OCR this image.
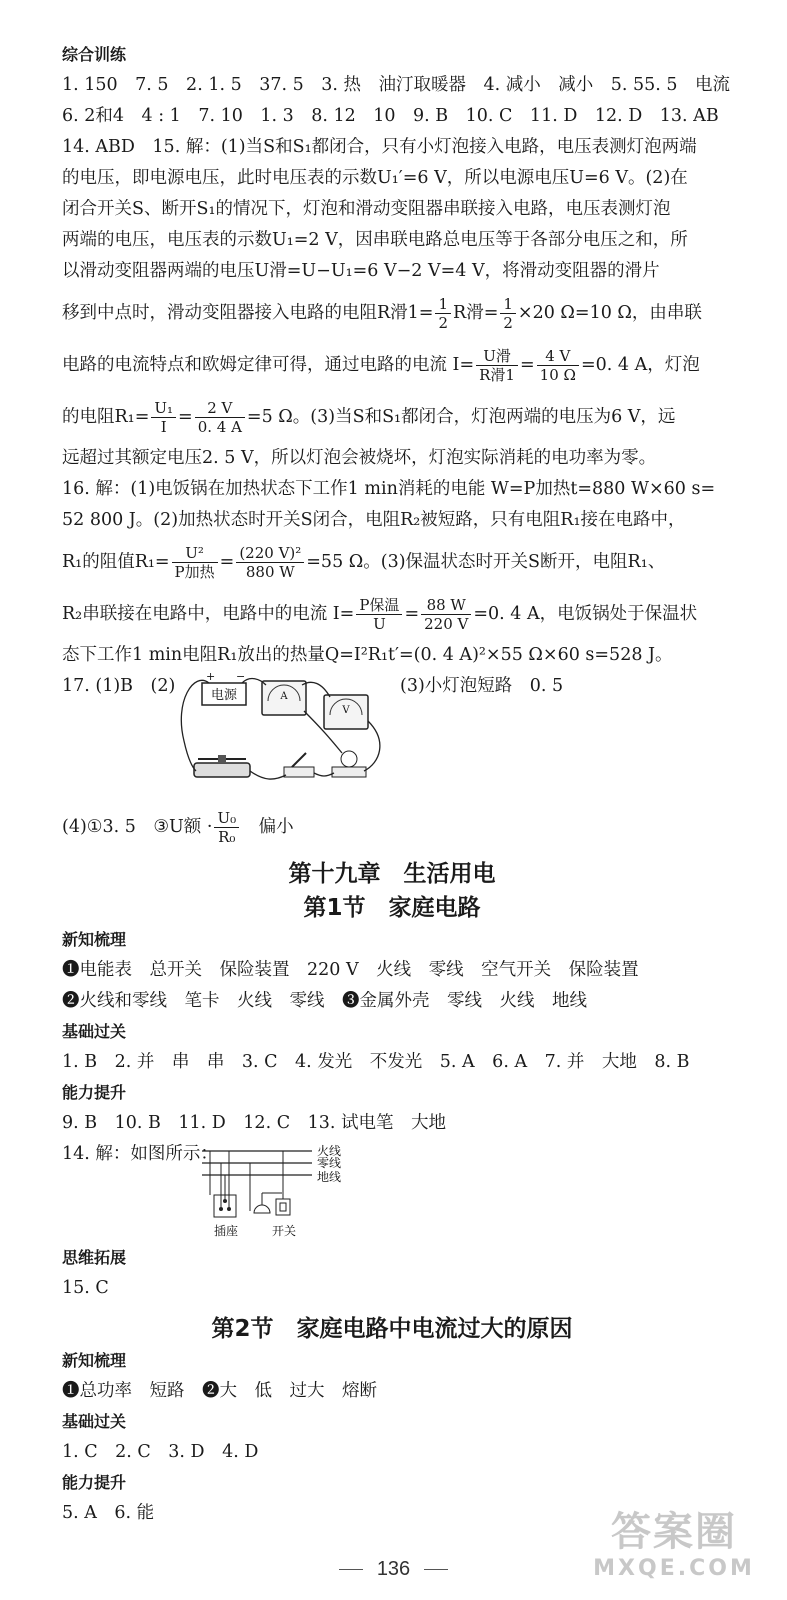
综合训练
1. 150　7. 5　2. 1. 5　37. 5　3. 热　油汀取暖器　4. 减小　减小　5. 55. 5　电流
6. 2和4　4 : 1　7. 10　1. 3　8. 12　10　9. B　10. C　11. D　12. D　13. AB
14. ABD　15. 解：(1)当S和S₁都闭合，只有小灯泡接入电路，电压表测灯泡两端
的电压，即电源电压，此时电压表的示数U₁′=6 V，所以电源电压U=6 V。(2)在
闭合开关S、断开S₁的情况下，灯泡和滑动变阻器串联接入电路，电压表测灯泡
两端的电压，电压表的示数U₁=2 V，因串联电路总电压等于各部分电压之和，所
以滑动变阻器两端的电压U滑=U−U₁=6 V−2 V=4 V，将滑动变阻器的滑片
移到中点时，滑动变阻器接入电路的电阻R滑$1= \frac{1}{2}$ R滑= $\frac{1}{2} \times 20$ Ω=10 Ω，由串联
电路的电流特点和欧姆定律可得，通过电路的电流 $I= \frac{\text{U滑}}{\text{R滑1}} = \frac{4 V}{10 \Omega} =0$. 4 A，灯泡
的电阻$R_1= \frac{\text{U₁}}{I} = \frac{2 V}{0. 4 A} =5$ Ω。(3)当S和S₁都闭合，灯泡两端的电压为6 V，远
远超过其额定电压2. 5 V，所以灯泡会被烧坏，灯泡实际消耗的电功率为零。
16. 解：(1)电饭锅在加热状态下工作1 min消耗的电能 W=P加热t=880 W×60 s=
52 800 J。(2)加热状态时开关S闭合，电阻R₂被短路，只有电阻R₁接在电路中，
R₁的阻值$R_1= \frac{\text{U²}}{\text{P加热}} = \frac{\text{(220 V)²}}{880 W} =55$ Ω。(3)保温状态时开关S断开，电阻R₁、
R₂串联接在电路中，电路中的电流 $I= \frac{\text{P保温}}{U} = \frac{88 W}{220 V} =0$. 4 A，电饭锅处于保温状
态下工作1 min电阻R₁放出的热量Q=I²R₁t′=(0. 4 A)²×55 Ω×60 s=528 J。
17. (1)B　(2)	(3)小灯泡短路　0. 5
电源
+ −
A
V
(4)①3. 5　③U额 · $\frac{\text{U₀}}{\text{R₀}}$
　 偏小
第十九章　生活用电
第1节　家庭电路
新知梳理
❶电能表　总开关　保险装置　220 V　火线　零线　空气开关　保险装置
❷火线和零线　笔卡　火线　零线　❸金属外壳　零线　火线　地线
基础过关
1. B　2. 并　串　串　3. C　4. 发光　不发光　5. A　6. A　7. 并　大地　8. B
能力提升
9. B　10. B　11. D　12. C　13. 试电笔　大地
14. 解：如图所示：	火线
零线
地线
插座	开关
思维拓展
15. C
第2节　家庭电路中电流过大的原因
新知梳理
❶总功率　短路　❷大　低　过大　熔断
基础过关
1. C　2. C　3. D　4. D
能力提升
5. A　6. 能
136
答案圈
MXQE.COM
